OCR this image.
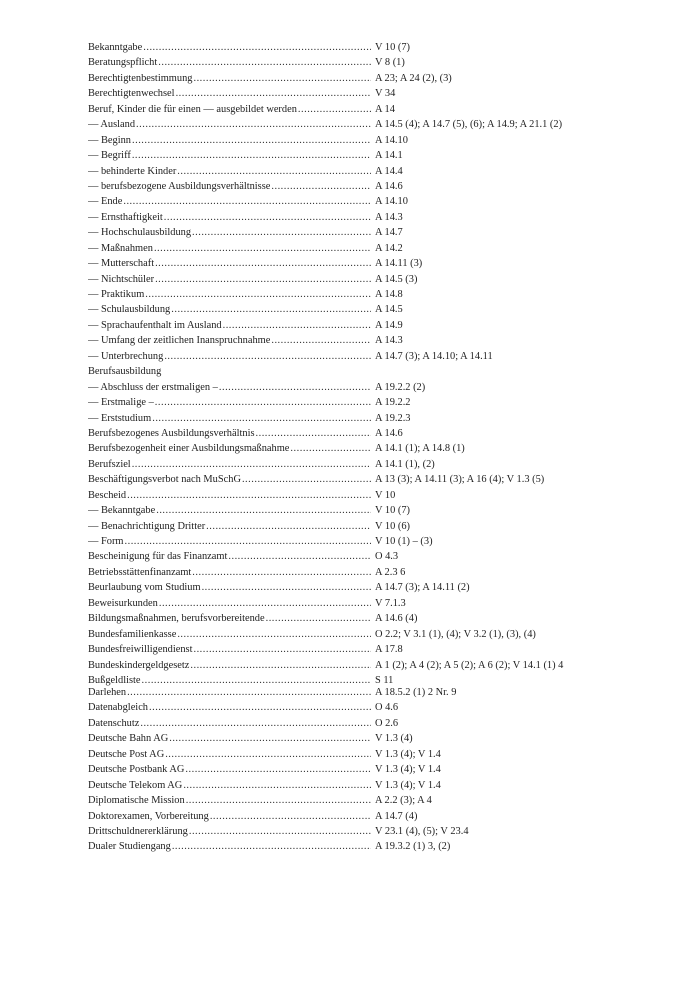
Bekanntgabe .....	V 10 (7)
Beratungspflicht .....	V 8 (1)
Berechtigtenbestimmung .....	A 23; A 24 (2), (3)
Berechtigtenwechsel .....	V 34
Beruf, Kinder die für einen — ausgebildet werden .....	A 14
— Ausland .....	A 14.5 (4); A 14.7 (5), (6); A 14.9; A 21.1 (2)
— Beginn .....	A 14.10
— Begriff .....	A 14.1
— behinderte Kinder .....	A 14.4
— berufsbezogene Ausbildungsverhältnisse .....	A 14.6
— Ende .....	A 14.10
— Ernsthaftigkeit .....	A 14.3
— Hochschulausbildung .....	A 14.7
— Maßnahmen .....	A 14.2
— Mutterschaft .....	A 14.11 (3)
— Nichtschüler .....	A 14.5 (3)
— Praktikum .....	A 14.8
— Schulausbildung .....	A 14.5
— Sprachaufenthalt im Ausland .....	A 14.9
— Umfang der zeitlichen Inanspruchnahme .....	A 14.3
— Unterbrechung .....	A 14.7 (3); A 14.10; A 14.11
Berufsausbildung
— Abschluss der erstmaligen – .....	A 19.2.2 (2)
— Erstmalige – .....	A 19.2.2
— Erststudium .....	A 19.2.3
Berufsbezogenes Ausbildungsverhältnis .....	A 14.6
Berufsbezogenheit einer Ausbildungsmaßnahme .....	A 14.1 (1); A 14.8 (1)
Berufsziel .....	A 14.1 (1), (2)
Beschäftigungsverbot nach MuSchG .....	A 13 (3); A 14.11 (3); A 16 (4); V 1.3 (5)
Bescheid .....	V 10
— Bekanntgabe .....	V 10 (7)
— Benachrichtigung Dritter .....	V 10 (6)
— Form .....	V 10 (1) – (3)
Bescheinigung für das Finanzamt .....	O 4.3
Betriebsstättenfinanzamt .....	A 2.3 6
Beurlaubung vom Studium .....	A 14.7 (3); A 14.11 (2)
Beweisurkunden .....	V 7.1.3
Bildungsmaßnahmen, berufsvorbereitende .....	A 14.6 (4)
Bundesfamilienkasse .....	O 2.2; V 3.1 (1), (4); V 3.2 (1), (3), (4)
Bundesfreiwilligendienst .....	A 17.8
Bundeskindergeldgesetz .....	A 1 (2); A 4 (2); A 5 (2); A 6 (2); V 14.1 (1) 4
Bußgeldliste .....	S 11
Darlehen .....	A 18.5.2 (1) 2 Nr. 9
Datenabgleich .....	O 4.6
Datenschutz .....	O 2.6
Deutsche Bahn AG .....	V 1.3 (4)
Deutsche Post AG .....	V 1.3 (4); V 1.4
Deutsche Postbank AG .....	V 1.3 (4); V 1.4
Deutsche Telekom AG .....	V 1.3 (4); V 1.4
Diplomatische Mission .....	A 2.2 (3); A 4
Doktorexamen, Vorbereitung .....	A 14.7 (4)
Drittschuldnererklärung .....	V 23.1 (4), (5); V 23.4
Dualer Studiengang .....	A 19.3.2 (1) 3, (2)
